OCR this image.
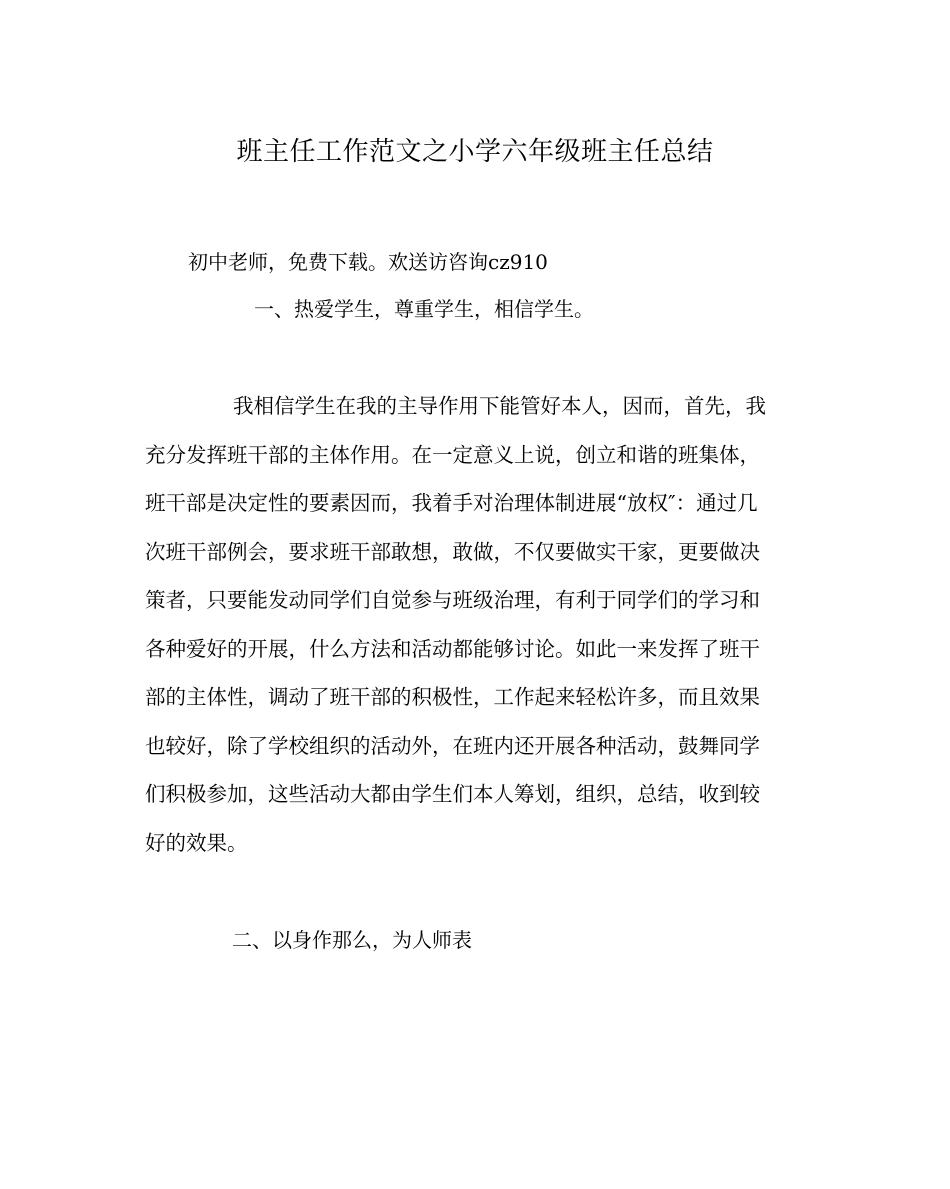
班主任工作范文之小学六年级班主任总结
初中老师，免费下载。欢送访咨询cz910
一、热爱学生，尊重学生，相信学生。
我相信学生在我的主导作用下能管好本人，因而，首先，我
充分发挥班干部的主体作用。在一定意义上说，创立和谐的班集体，
班干部是决定性的要素因而，我着手对治理体制进展“放权″：通过几
次班干部例会，要求班干部敢想，敢做，不仅要做实干家，更要做决
策者，只要能发动同学们自觉参与班级治理，有利于同学们的学习和
各种爱好的开展，什么方法和活动都能够讨论。如此一来发挥了班干
部的主体性，调动了班干部的积极性，工作起来轻松许多，而且效果
也较好，除了学校组织的活动外，在班内还开展各种活动，鼓舞同学
们积极参加，这些活动大都由学生们本人筹划，组织，总结，收到较
好的效果。
二、以身作那么，为人师表
